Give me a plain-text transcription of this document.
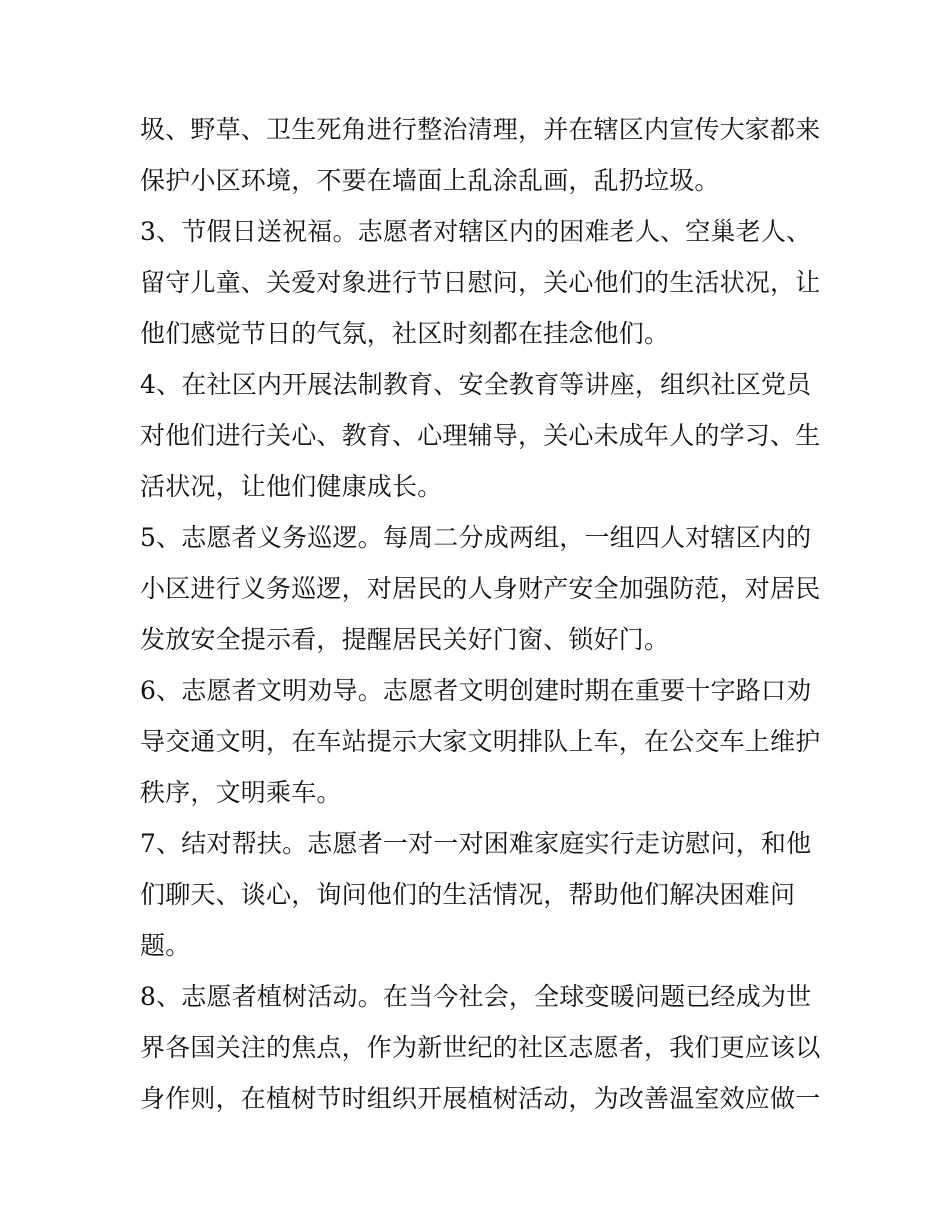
圾、野草、卫生死角进行整治清理，并在辖区内宣传大家都来
保护小区环境，不要在墙面上乱涂乱画，乱扔垃圾。
3、节假日送祝福。志愿者对辖区内的困难老人、空巢老人、
留守儿童、关爱对象进行节日慰问，关心他们的生活状况，让
他们感觉节日的气氛，社区时刻都在挂念他们。
4、在社区内开展法制教育、安全教育等讲座，组织社区党员
对他们进行关心、教育、心理辅导，关心未成年人的学习、生
活状况，让他们健康成长。
5、志愿者义务巡逻。每周二分成两组，一组四人对辖区内的
小区进行义务巡逻，对居民的人身财产安全加强防范，对居民
发放安全提示看，提醒居民关好门窗、锁好门。
6、志愿者文明劝导。志愿者文明创建时期在重要十字路口劝
导交通文明，在车站提示大家文明排队上车，在公交车上维护
秩序，文明乘车。
7、结对帮扶。志愿者一对一对困难家庭实行走访慰问，和他
们聊天、谈心，询问他们的生活情况，帮助他们解决困难问
题。
8、志愿者植树活动。在当今社会，全球变暖问题已经成为世
界各国关注的焦点，作为新世纪的社区志愿者，我们更应该以
身作则，在植树节时组织开展植树活动，为改善温室效应做一
